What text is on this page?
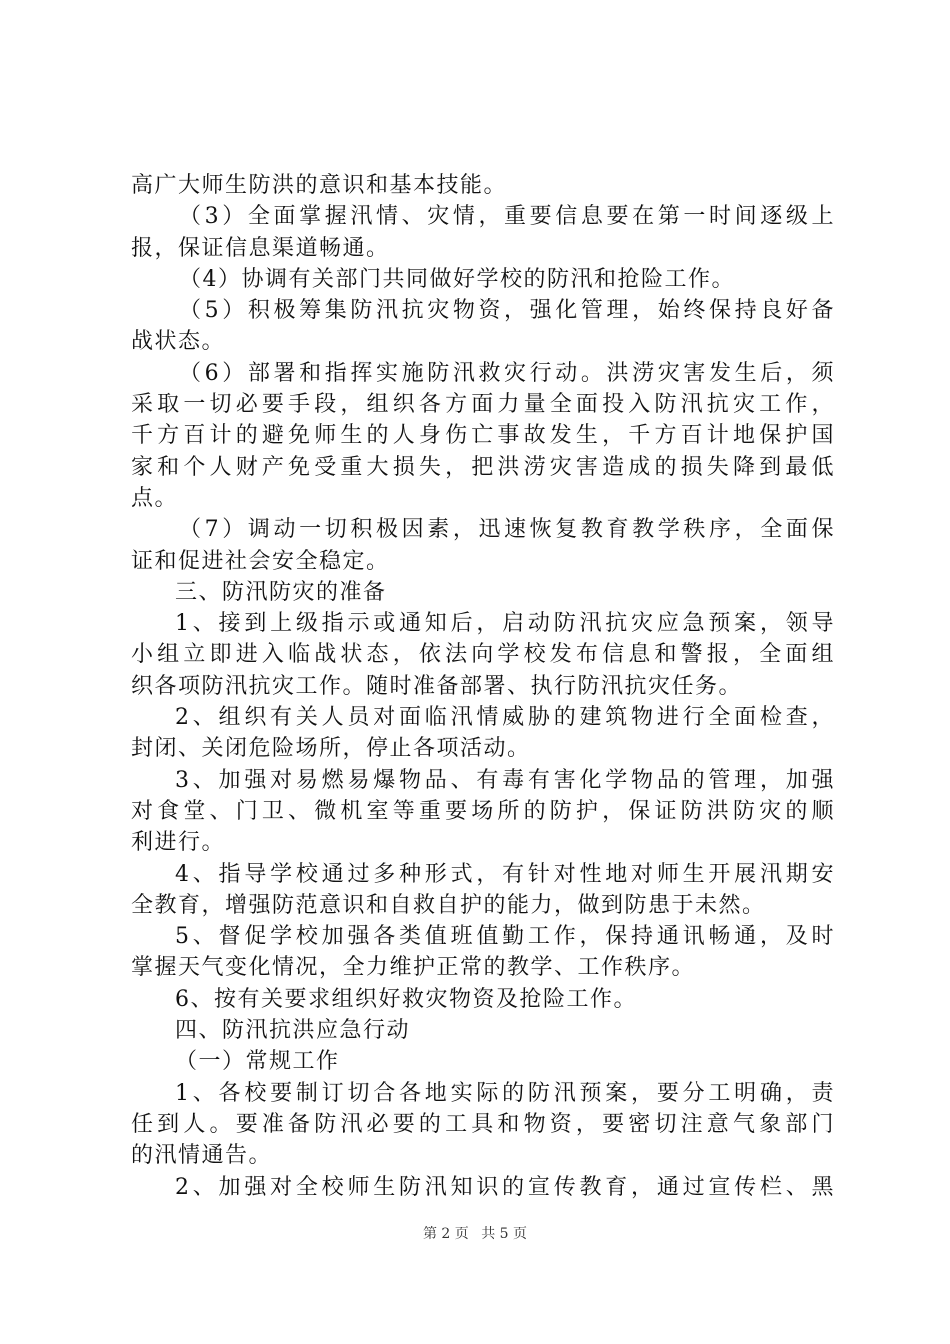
高广大师生防洪的意识和基本技能。
（3）全面掌握汛情、灾情，重要信息要在第一时间逐级上
报，保证信息渠道畅通。
（4）协调有关部门共同做好学校的防汛和抢险工作。
（5）积极筹集防汛抗灾物资，强化管理，始终保持良好备
战状态。
（6）部署和指挥实施防汛救灾行动。洪涝灾害发生后，须
采取一切必要手段，组织各方面力量全面投入防汛抗灾工作，
千方百计的避免师生的人身伤亡事故发生，千方百计地保护国
家和个人财产免受重大损失，把洪涝灾害造成的损失降到最低
点。
（7）调动一切积极因素，迅速恢复教育教学秩序，全面保
证和促进社会安全稳定。
三、防汛防灾的准备
1、接到上级指示或通知后，启动防汛抗灾应急预案，领导
小组立即进入临战状态，依法向学校发布信息和警报，全面组
织各项防汛抗灾工作。随时准备部署、执行防汛抗灾任务。
2、组织有关人员对面临汛情威胁的建筑物进行全面检查，
封闭、关闭危险场所，停止各项活动。
3、加强对易燃易爆物品、有毒有害化学物品的管理，加强
对食堂、门卫、微机室等重要场所的防护，保证防洪防灾的顺
利进行。
4、指导学校通过多种形式，有针对性地对师生开展汛期安
全教育，增强防范意识和自救自护的能力，做到防患于未然。
5、督促学校加强各类值班值勤工作，保持通讯畅通，及时
掌握天气变化情况，全力维护正常的教学、工作秩序。
6、按有关要求组织好救灾物资及抢险工作。
四、防汛抗洪应急行动
（一）常规工作
1、各校要制订切合各地实际的防汛预案，要分工明确，责
任到人。要准备防汛必要的工具和物资，要密切注意气象部门
的汛情通告。
2、加强对全校师生防汛知识的宣传教育，通过宣传栏、黑
第 2 页 共 5 页
